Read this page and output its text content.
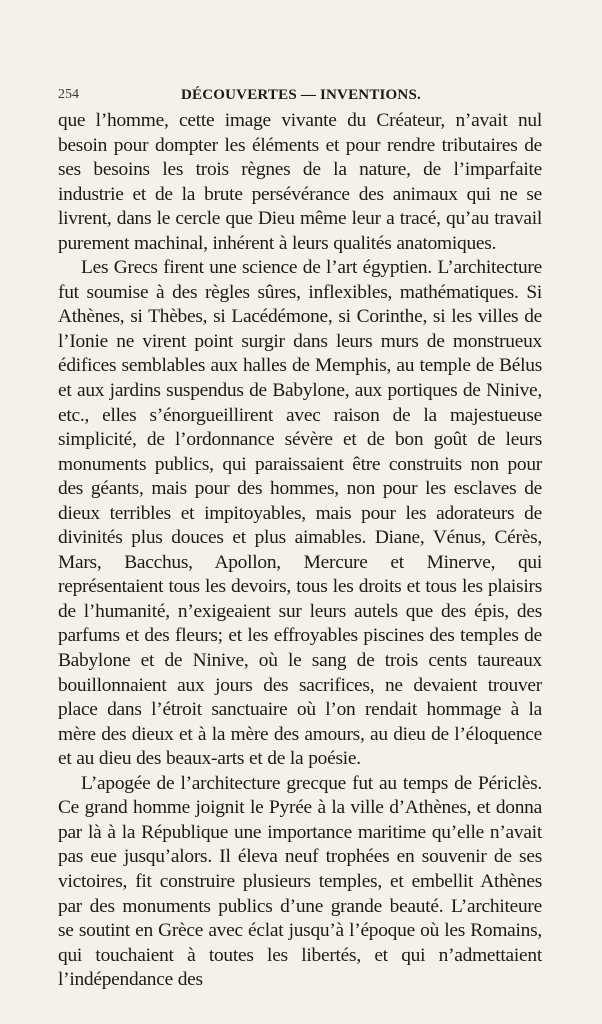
254	DÉCOUVERTES — INVENTIONS.

que l’homme, cette image vivante du Créateur, n’avait nul besoin pour dompter les éléments et pour rendre tributaires de ses besoins les trois règnes de la nature, de l’imparfaite industrie et de la brute persévérance des animaux qui ne se livrent, dans le cercle que Dieu même leur a tracé, qu’au travail purement machinal, inhérent à leurs qualités anatomiques.

Les Grecs firent une science de l’art égyptien. L’architecture fut soumise à des règles sûres, inflexibles, mathématiques. Si Athènes, si Thèbes, si Lacédémone, si Corinthe, si les villes de l’Ionie ne virent point surgir dans leurs murs de monstrueux édifices semblables aux halles de Memphis, au temple de Bélus et aux jardins suspendus de Babylone, aux portiques de Ninive, etc., elles s’énorgueillirent avec raison de la majestueuse simplicité, de l’ordonnance sévère et de bon goût de leurs monuments publics, qui paraissaient être construits non pour des géants, mais pour des hommes, non pour les esclaves de dieux terribles et impitoyables, mais pour les adorateurs de divinités plus douces et plus aimables. Diane, Vénus, Cérès, Mars, Bacchus, Apollon, Mercure et Minerve, qui représentaient tous les devoirs, tous les droits et tous les plaisirs de l’humanité, n’exigeaient sur leurs autels que des épis, des parfums et des fleurs; et les effroyables piscines des temples de Babylone et de Ninive, où le sang de trois cents taureaux bouillonnaient aux jours des sacrifices, ne devaient trouver place dans l’étroit sanctuaire où l’on rendait hommage à la mère des dieux et à la mère des amours, au dieu de l’éloquence et au dieu des beaux-arts et de la poésie.

L’apogée de l’architecture grecque fut au temps de Périclès. Ce grand homme joignit le Pyrée à la ville d’Athènes, et donna par là à la République une importance maritime qu’elle n’avait pas eue jusqu’alors. Il éleva neuf trophées en souvenir de ses victoires, fit construire plusieurs temples, et embellit Athènes par des monuments publics d’une grande beauté. L’architeure se soutint en Grèce avec éclat jusqu’à l’époque où les Romains, qui touchaient à toutes les libertés, et qui n’admettaient l’indépendance des
